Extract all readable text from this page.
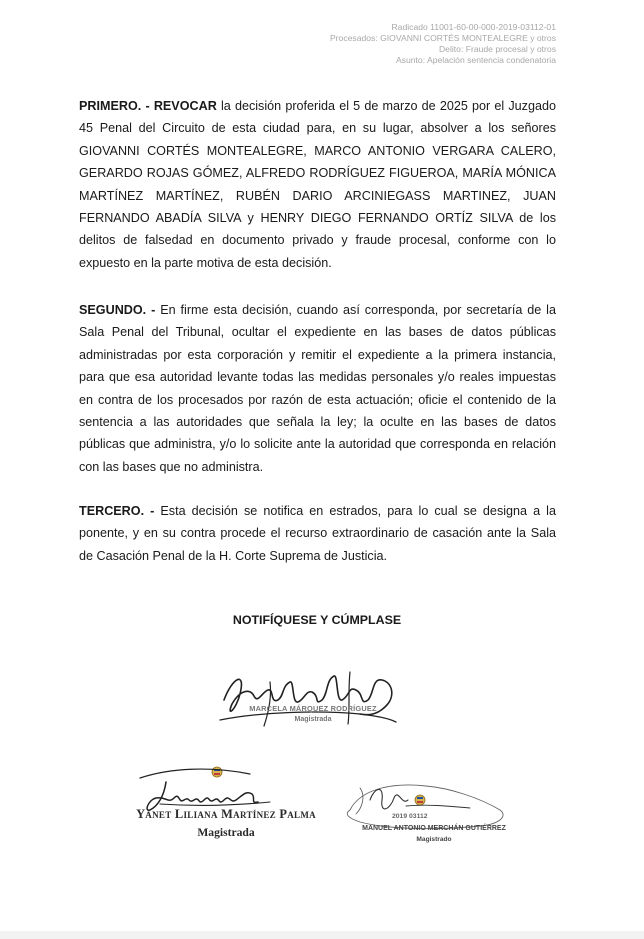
Radicado 11001-60-00-000-2019-03112-01
Procesados: GIOVANNI CORTÉS MONTEALEGRE y otros
Delito: Fraude procesal y otros
Asunto: Apelación sentencia condenatoria
PRIMERO. - REVOCAR la decisión proferida el 5 de marzo de 2025 por el Juzgado 45 Penal del Circuito de esta ciudad para, en su lugar, absolver a los señores GIOVANNI CORTÉS MONTEALEGRE, MARCO ANTONIO VERGARA CALERO, GERARDO ROJAS GÓMEZ, ALFREDO RODRÍGUEZ FIGUEROA, MARÍA MÓNICA MARTÍNEZ MARTÍNEZ, RUBÉN DARIO ARCINIEGASS MARTINEZ, JUAN FERNANDO ABADÍA SILVA y HENRY DIEGO FERNANDO ORTÍZ SILVA de los delitos de falsedad en documento privado y fraude procesal, conforme con lo expuesto en la parte motiva de esta decisión.
SEGUNDO. - En firme esta decisión, cuando así corresponda, por secretaría de la Sala Penal del Tribunal, ocultar el expediente en las bases de datos públicas administradas por esta corporación y remitir el expediente a la primera instancia, para que esa autoridad levante todas las medidas personales y/o reales impuestas en contra de los procesados por razón de esta actuación; oficie el contenido de la sentencia a las autoridades que señala la ley; la oculte en las bases de datos públicas que administra, y/o lo solicite ante la autoridad que corresponda en relación con las bases que no administra.
TERCERO. - Esta decisión se notifica en estrados, para lo cual se designa a la ponente, y en su contra procede el recurso extraordinario de casación ante la Sala de Casación Penal de la H. Corte Suprema de Justicia.
NOTIFÍQUESE Y CÚMPLASE
MARCELA MÁRQUEZ RODRÍGUEZ
Magistrada
Yanet Liliana Martínez Palma
Magistrada
2019 03112
MANUEL ANTONIO MERCHÁN GUTIÉRREZ
Magistrado
